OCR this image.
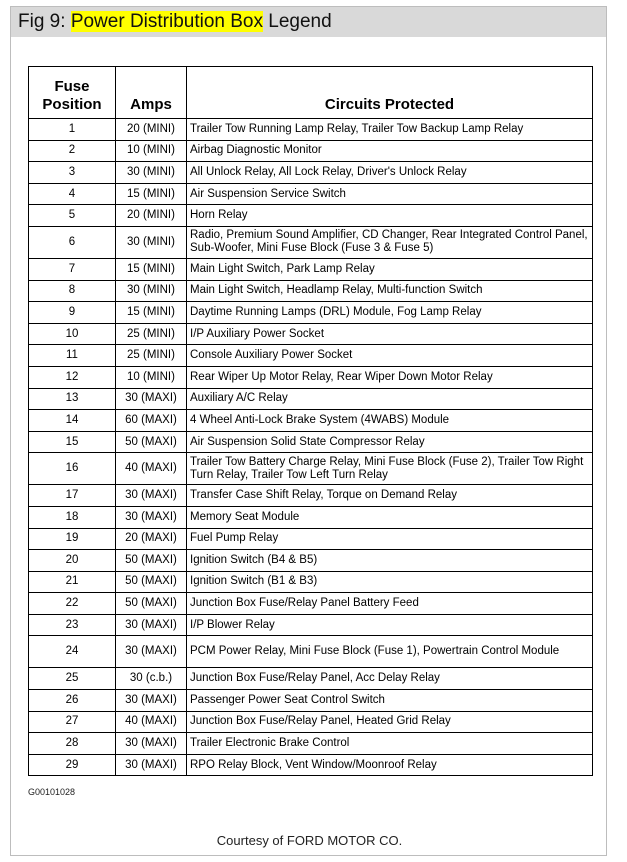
Fig 9: Power Distribution Box Legend
Fuse
Position	Amps	Circuits Protected
1	20 (MINI)	Trailer Tow Running Lamp Relay, Trailer Tow Backup Lamp Relay
2	10 (MINI)	Airbag Diagnostic Monitor
3	30 (MINI)	All Unlock Relay, All Lock Relay, Driver's Unlock Relay
4	15 (MINI)	Air Suspension Service Switch
5	20 (MINI)	Horn Relay
6	30 (MINI)	Radio, Premium Sound Amplifier, CD Changer, Rear Integrated Control Panel, Sub-Woofer, Mini Fuse Block (Fuse 3 & Fuse 5)
7	15 (MINI)	Main Light Switch, Park Lamp Relay
8	30 (MINI)	Main Light Switch, Headlamp Relay, Multi-function Switch
9	15 (MINI)	Daytime Running Lamps (DRL) Module, Fog Lamp Relay
10	25 (MINI)	I/P Auxiliary Power Socket
11	25 (MINI)	Console Auxiliary Power Socket
12	10 (MINI)	Rear Wiper Up Motor Relay, Rear Wiper Down Motor Relay
13	30 (MAXI)	Auxiliary A/C Relay
14	60 (MAXI)	4 Wheel Anti-Lock Brake System (4WABS) Module
15	50 (MAXI)	Air Suspension Solid State Compressor Relay
16	40 (MAXI)	Trailer Tow Battery Charge Relay, Mini Fuse Block (Fuse 2), Trailer Tow Right Turn Relay, Trailer Tow Left Turn Relay
17	30 (MAXI)	Transfer Case Shift Relay, Torque on Demand Relay
18	30 (MAXI)	Memory Seat Module
19	20 (MAXI)	Fuel Pump Relay
20	50 (MAXI)	Ignition Switch (B4 & B5)
21	50 (MAXI)	Ignition Switch (B1 & B3)
22	50 (MAXI)	Junction Box Fuse/Relay Panel Battery Feed
23	30 (MAXI)	I/P Blower Relay
24	30 (MAXI)	PCM Power Relay, Mini Fuse Block (Fuse 1), Powertrain Control Module
25	30 (c.b.)	Junction Box Fuse/Relay Panel, Acc Delay Relay
26	30 (MAXI)	Passenger Power Seat Control Switch
27	40 (MAXI)	Junction Box Fuse/Relay Panel, Heated Grid Relay
28	30 (MAXI)	Trailer Electronic Brake Control
29	30 (MAXI)	RPO Relay Block, Vent Window/Moonroof Relay
G00101028
Courtesy of FORD MOTOR CO.
